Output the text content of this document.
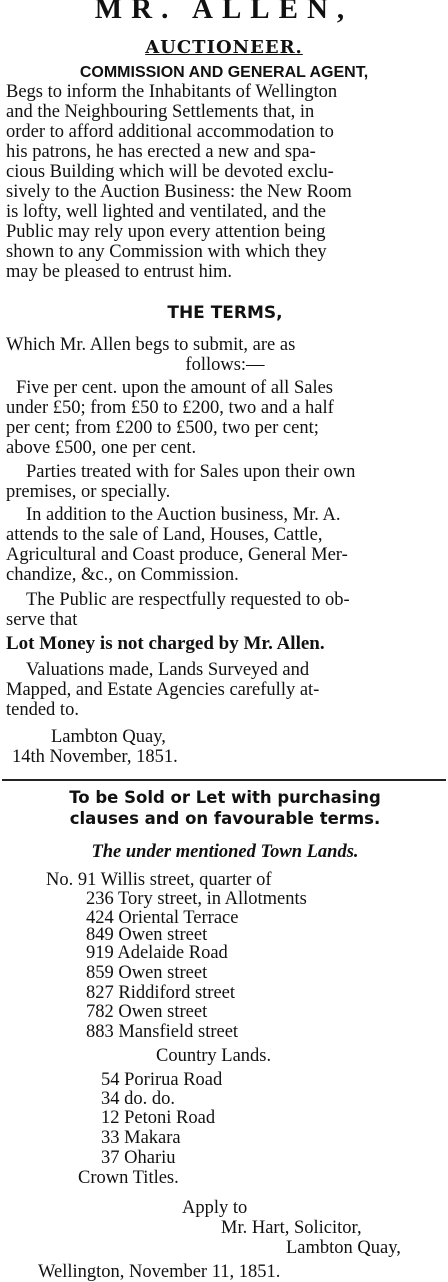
MR. ALLEN,
AUCTIONEER.
COMMISSION AND GENERAL AGENT,
Begs to inform the Inhabitants of Wellington
and the Neighbouring Settlements that, in
order to afford additional accommodation to
his patrons, he has erected a new and spa-
cious Building which will be devoted exclu-
sively to the Auction Business: the New Room
is lofty, well lighted and ventilated, and the
Public may rely upon every attention being
shown to any Commission with which they
may be pleased to entrust him.
THE TERMS,
Which Mr. Allen begs to submit, are as
follows:—
Five per cent. upon the amount of all Sales
under £50; from £50 to £200, two and a half
per cent; from £200 to £500, two per cent;
above £500, one per cent.
Parties treated with for Sales upon their own
premises, or specially.
In addition to the Auction business, Mr. A.
attends to the sale of Land, Houses, Cattle,
Agricultural and Coast produce, General Mer-
chandize, &c., on Commission.
The Public are respectfully requested to ob-
serve that
Lot Money is not charged by Mr. Allen.
Valuations made, Lands Surveyed and
Mapped, and Estate Agencies carefully at-
tended to.
Lambton Quay,
14th November, 1851.
To be Sold or Let with purchasing
clauses and on favourable terms.
The under mentioned Town Lands.
No. 91 Willis street, quarter of
236 Tory street, in Allotments
424 Oriental Terrace
849 Owen street
919 Adelaide Road
859 Owen street
827 Riddiford street
782 Owen street
883 Mansfield street
Country Lands.
54 Porirua Road
34 do. do.
12 Petoni Road
33 Makara
37 Ohariu
Crown Titles.
Apply to
Mr. Hart, Solicitor,
Lambton Quay,
Wellington, November 11, 1851.
